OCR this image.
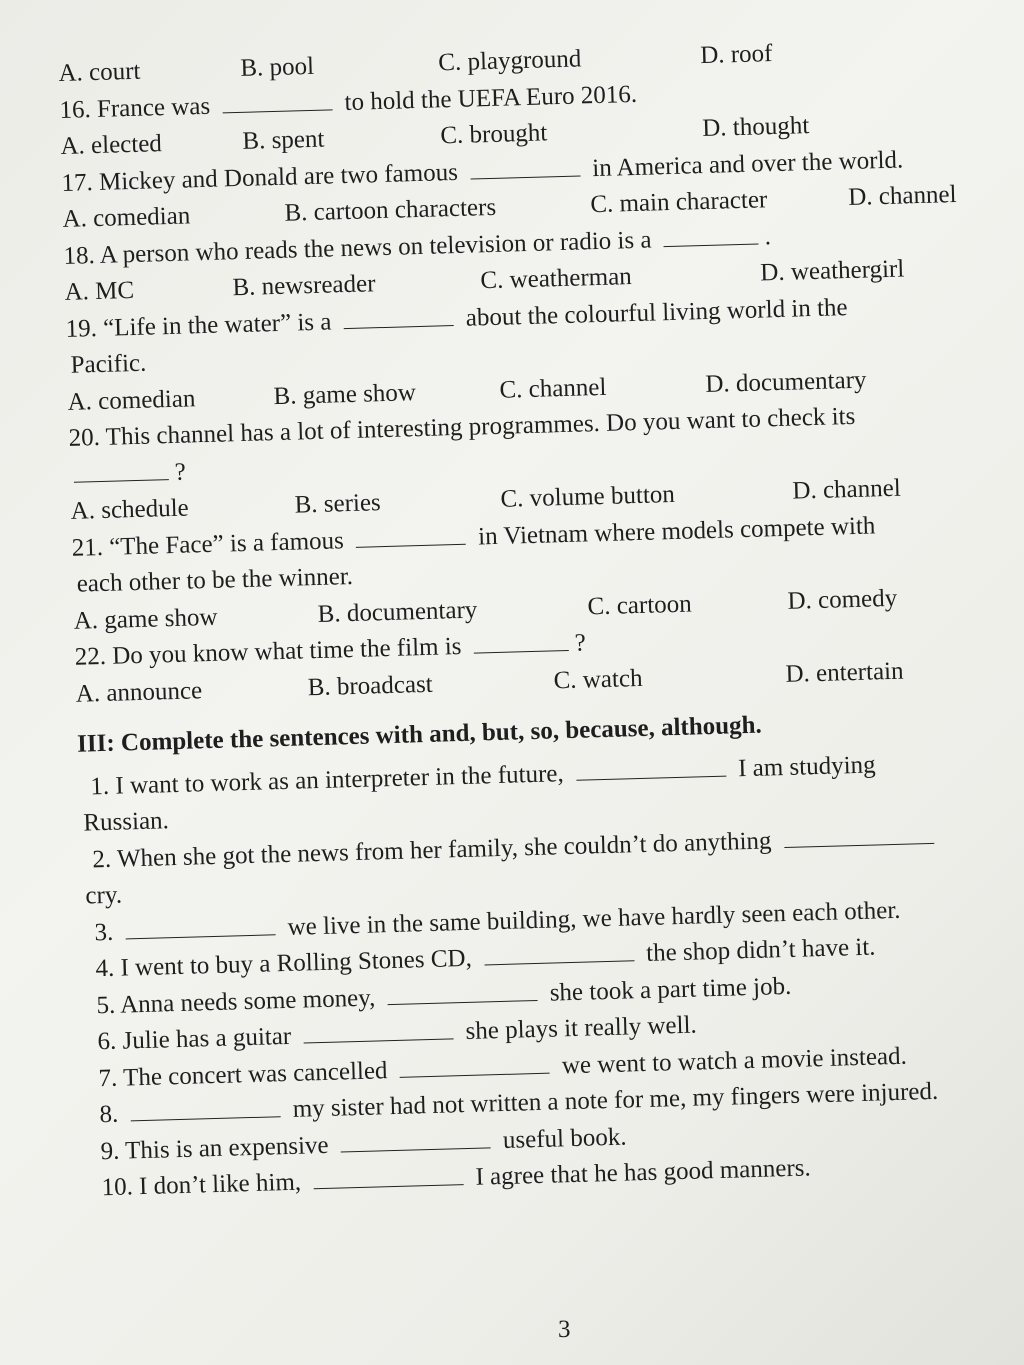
A. court	B. pool	C. playground	D. roof
16. France was	to hold the UEFA Euro 2016.
A. elected	B. spent	C. brought	D. thought
17. Mickey and Donald are two famous	in America and over the world.
A. comedian	B. cartoon characters	C. main character	D. channel
18. A person who reads the news on television or radio is a	.
A. MC	B. newsreader	C. weatherman	D. weathergirl
19. “Life in the water” is a	about the colourful living world in the
Pacific.
A. comedian	B. game show	C. channel	D. documentary
20. This channel has a lot of interesting programmes. Do you want to check its
?
A. schedule	B. series	C. volume button	D. channel
21. “The Face” is a famous	in Vietnam where models compete with
each other to be the winner.
A. game show	B. documentary	C. cartoon	D. comedy
22. Do you know what time the film is	?
A. announce	B. broadcast	C. watch	D. entertain
III: Complete the sentences with and, but, so, because, although.
1. I want to work as an interpreter in the future,	I am studying
Russian.
2. When she got the news from her family, she couldn’t do anything
cry.
3.	we live in the same building, we have hardly seen each other.
4. I went to buy a Rolling Stones CD,	the shop didn’t have it.
5. Anna needs some money,	she took a part time job.
6. Julie has a guitar	she plays it really well.
7. The concert was cancelled	we went to watch a movie instead.
8.	my sister had not written a note for me, my fingers were injured.
9. This is an expensive	useful book.
10. I don’t like him,	I agree that he has good manners.
3
